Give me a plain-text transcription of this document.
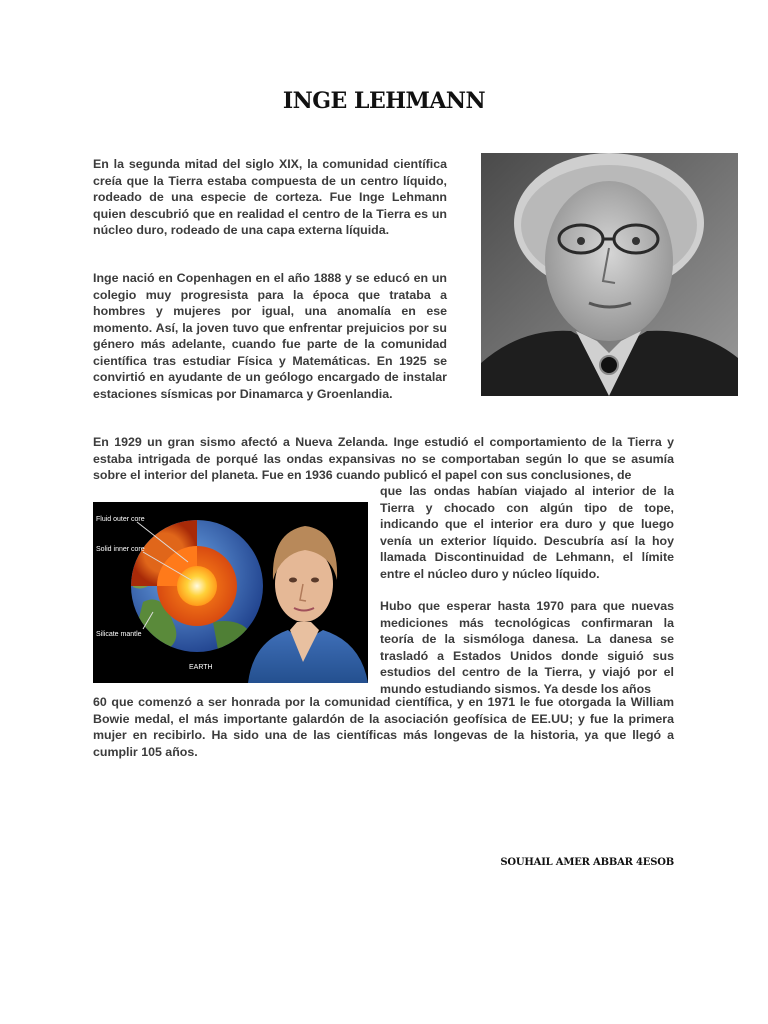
INGE LEHMANN

En la segunda mitad del siglo XIX, la comunidad científica creía que la Tierra estaba compuesta de un centro líquido, rodeado de una especie de corteza. Fue Inge Lehmann quien descubrió que en realidad el centro de la Tierra es un núcleo duro, rodeado de una capa externa líquida.

Inge nació en Copenhagen en el año 1888 y se educó en un colegio muy progresista para la época que trataba a hombres y mujeres por igual, una anomalía en ese momento. Así, la joven tuvo que enfrentar prejuicios por su género más adelante, cuando fue parte de la comunidad científica tras estudiar Física y Matemáticas. En 1925 se convirtió en ayudante de un geólogo encargado de instalar estaciones sísmicas por Dinamarca y Groenlandia.

En 1929 un gran sismo afectó a Nueva Zelanda. Inge estudió el comportamiento de la Tierra y estaba intrigada de porqué las ondas expansivas no se comportaban según lo que se asumía sobre el interior del planeta. Fue en 1936 cuando publicó el papel con sus conclusiones, de

que las ondas habían viajado al interior de la Tierra y chocado con algún tipo de tope, indicando que el interior era duro y que luego venía un exterior líquido. Descubría así la hoy llamada Discontinuidad de Lehmann, el límite entre el núcleo duro y núcleo líquido.

Hubo que esperar hasta 1970 para que nuevas mediciones más tecnológicas confirmaran la teoría de la sismóloga danesa. La danesa se trasladó a Estados Unidos donde siguió sus estudios del centro de la Tierra, y viajó por el mundo estudiando sismos. Ya desde los años

60 que comenzó a ser honrada por la comunidad científica, y en 1971 le fue otorgada la William Bowie medal, el más importante galardón de la asociación geofísica de EE.UU; y fue la primera mujer en recibirlo. Ha sido una de las científicas más longevas de la historia, ya que llegó a cumplir 105 años.

Fluid outer core
Solid inner core
Silicate mantle
EARTH
SOUHAIL AMER ABBAR 4ESOB
